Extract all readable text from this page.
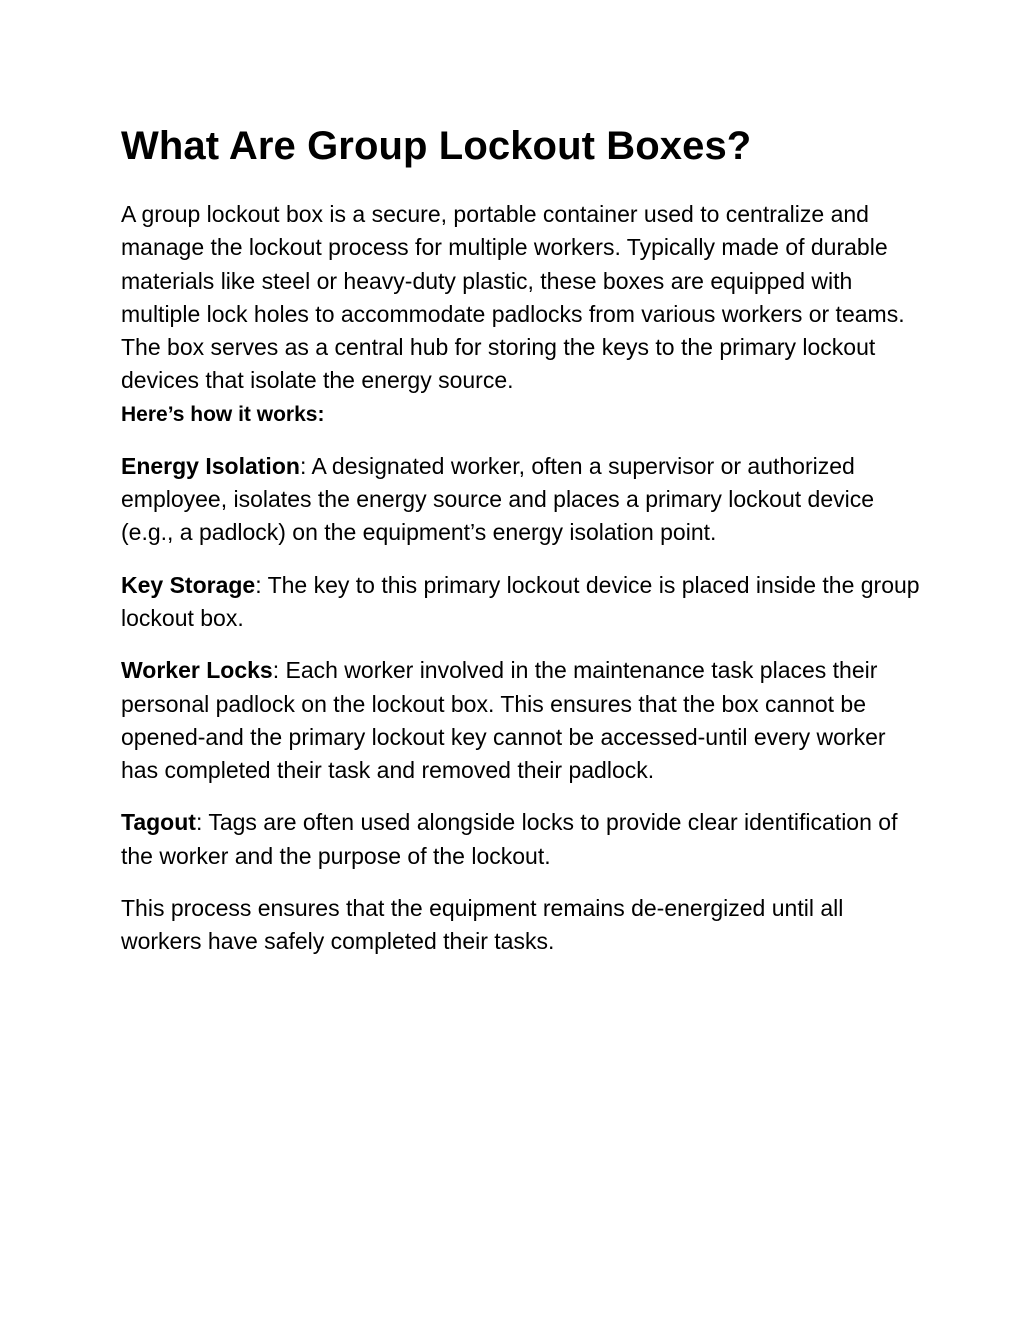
What Are Group Lockout Boxes?

A group lockout box is a secure, portable container used to centralize and manage the lockout process for multiple workers. Typically made of durable materials like steel or heavy-duty plastic, these boxes are equipped with multiple lock holes to accommodate padlocks from various workers or teams. The box serves as a central hub for storing the keys to the primary lockout devices that isolate the energy source.

Here’s how it works:

Energy Isolation: A designated worker, often a supervisor or authorized employee, isolates the energy source and places a primary lockout device (e.g., a padlock) on the equipment’s energy isolation point.

Key Storage: The key to this primary lockout device is placed inside the group lockout box.

Worker Locks: Each worker involved in the maintenance task places their personal padlock on the lockout box. This ensures that the box cannot be opened-and the primary lockout key cannot be accessed-until every worker has completed their task and removed their padlock.

Tagout: Tags are often used alongside locks to provide clear identification of the worker and the purpose of the lockout.

This process ensures that the equipment remains de-energized until all workers have safely completed their tasks.
